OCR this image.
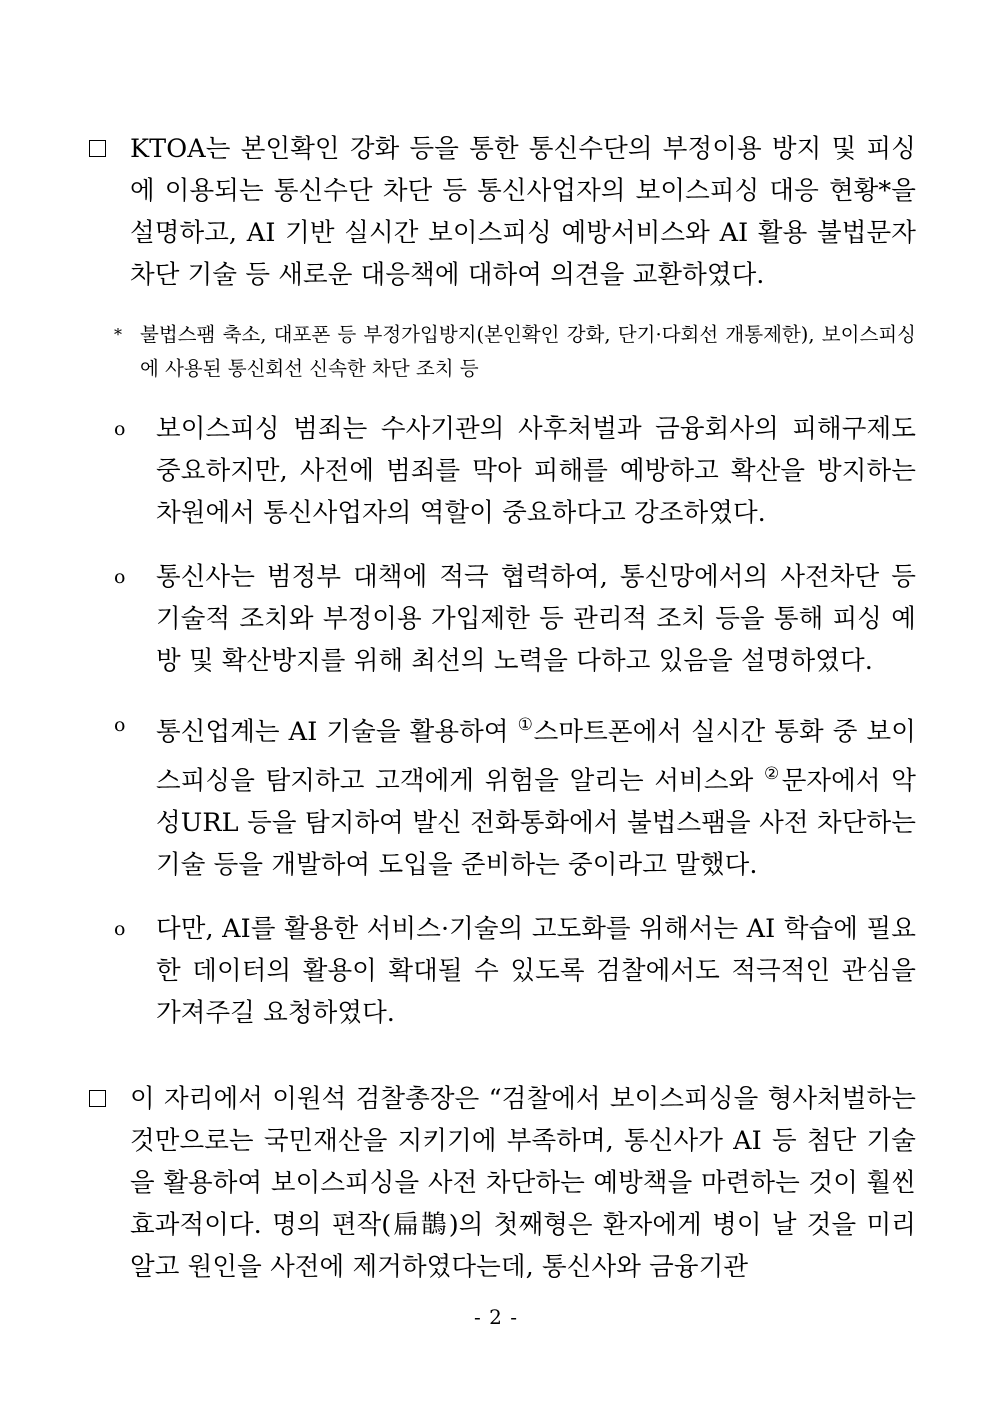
KTOA는 본인확인 강화 등을 통한 통신수단의 부정이용 방지 및 피싱에 이용되는 통신수단 차단 등 통신사업자의 보이스피싱 대응 현황*을 설명하고, AI 기반 실시간 보이스피싱 예방서비스와 AI 활용 불법문자 차단 기술 등 새로운 대응책에 대하여 의견을 교환하였다.

* 불법스팸 축소, 대포폰 등 부정가입방지(본인확인 강화, 단기·다회선 개통제한), 보이스피싱에 사용된 통신회선 신속한 차단 조치 등

o	보이스피싱 범죄는 수사기관의 사후처벌과 금융회사의 피해구제도 중요하지만, 사전에 범죄를 막아 피해를 예방하고 확산을 방지하는 차원에서 통신사업자의 역할이 중요하다고 강조하였다.

o	통신사는 범정부 대책에 적극 협력하여, 통신망에서의 사전차단 등 기술적 조치와 부정이용 가입제한 등 관리적 조치 등을 통해 피싱 예방 및 확산방지를 위해 최선의 노력을 다하고 있음을 설명하였다.

o	통신업계는 AI 기술을 활용하여 ①스마트폰에서 실시간 통화 중 보이스피싱을 탐지하고 고객에게 위험을 알리는 서비스와 ②문자에서 악성URL 등을 탐지하여 발신 전화통화에서 불법스팸을 사전 차단하는 기술 등을 개발하여 도입을 준비하는 중이라고 말했다.

o	다만, AI를 활용한 서비스·기술의 고도화를 위해서는 AI 학습에 필요한 데이터의 활용이 확대될 수 있도록 검찰에서도 적극적인 관심을 가져주길 요청하였다.

이 자리에서 이원석 검찰총장은 “검찰에서 보이스피싱을 형사처벌하는 것만으로는 국민재산을 지키기에 부족하며, 통신사가 AI 등 첨단 기술을 활용하여 보이스피싱을 사전 차단하는 예방책을 마련하는 것이 훨씬 효과적이다. 명의 편작(扁鵲)의 첫째형은 환자에게 병이 날 것을 미리 알고 원인을 사전에 제거하였다는데, 통신사와 금융기관

- 2 -
